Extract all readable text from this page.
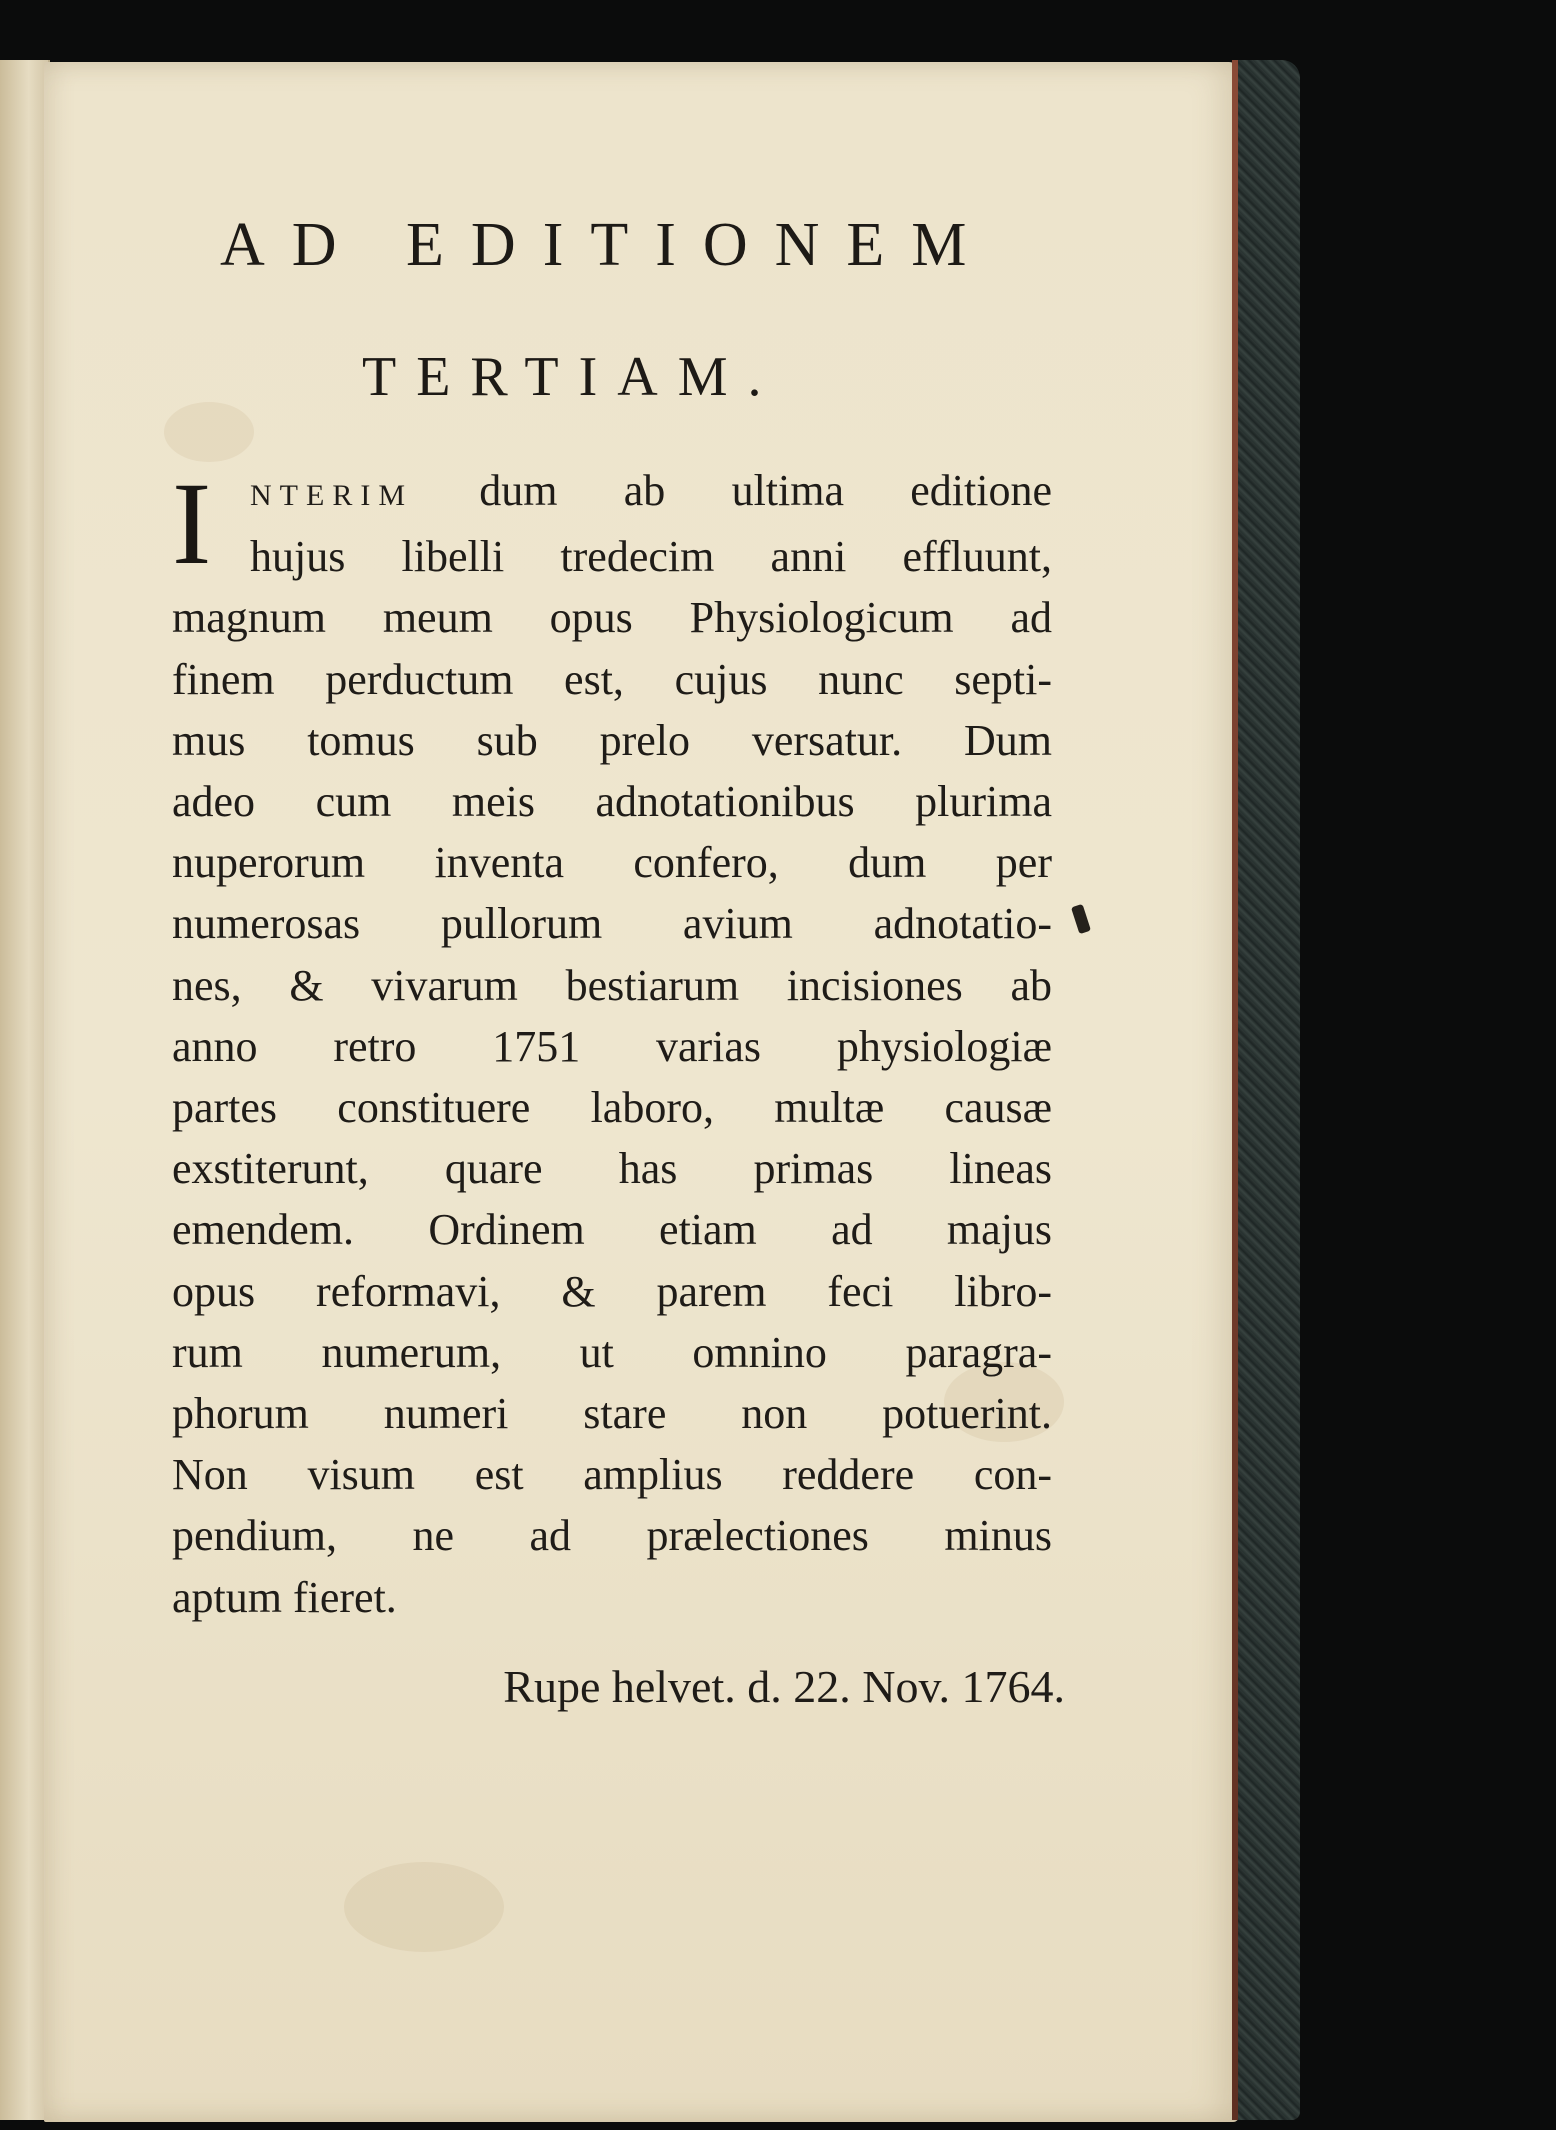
AD EDITIONEM
TERTIAM.
I	NTERIM dum ab ultima editione
hujus libelli tredecim anni effluunt,
magnum meum opus Physiologicum ad
finem perductum est, cujus nunc septi-
mus tomus sub prelo versatur. Dum
adeo cum meis adnotationibus plurima
nuperorum inventa confero, dum per
numerosas pullorum avium adnotatio-
nes, & vivarum bestiarum incisiones ab
anno retro 1751 varias physiologiæ
partes constituere laboro, multæ causæ
exstiterunt, quare has primas lineas
emendem. Ordinem etiam ad majus
opus reformavi, & parem feci libro-
rum numerum, ut omnino paragra-
phorum numeri stare non potuerint.
Non visum est amplius reddere con-
pendium, ne ad prælectiones minus
aptum fieret.
Rupe helvet. d. 22. Nov. 1764.
